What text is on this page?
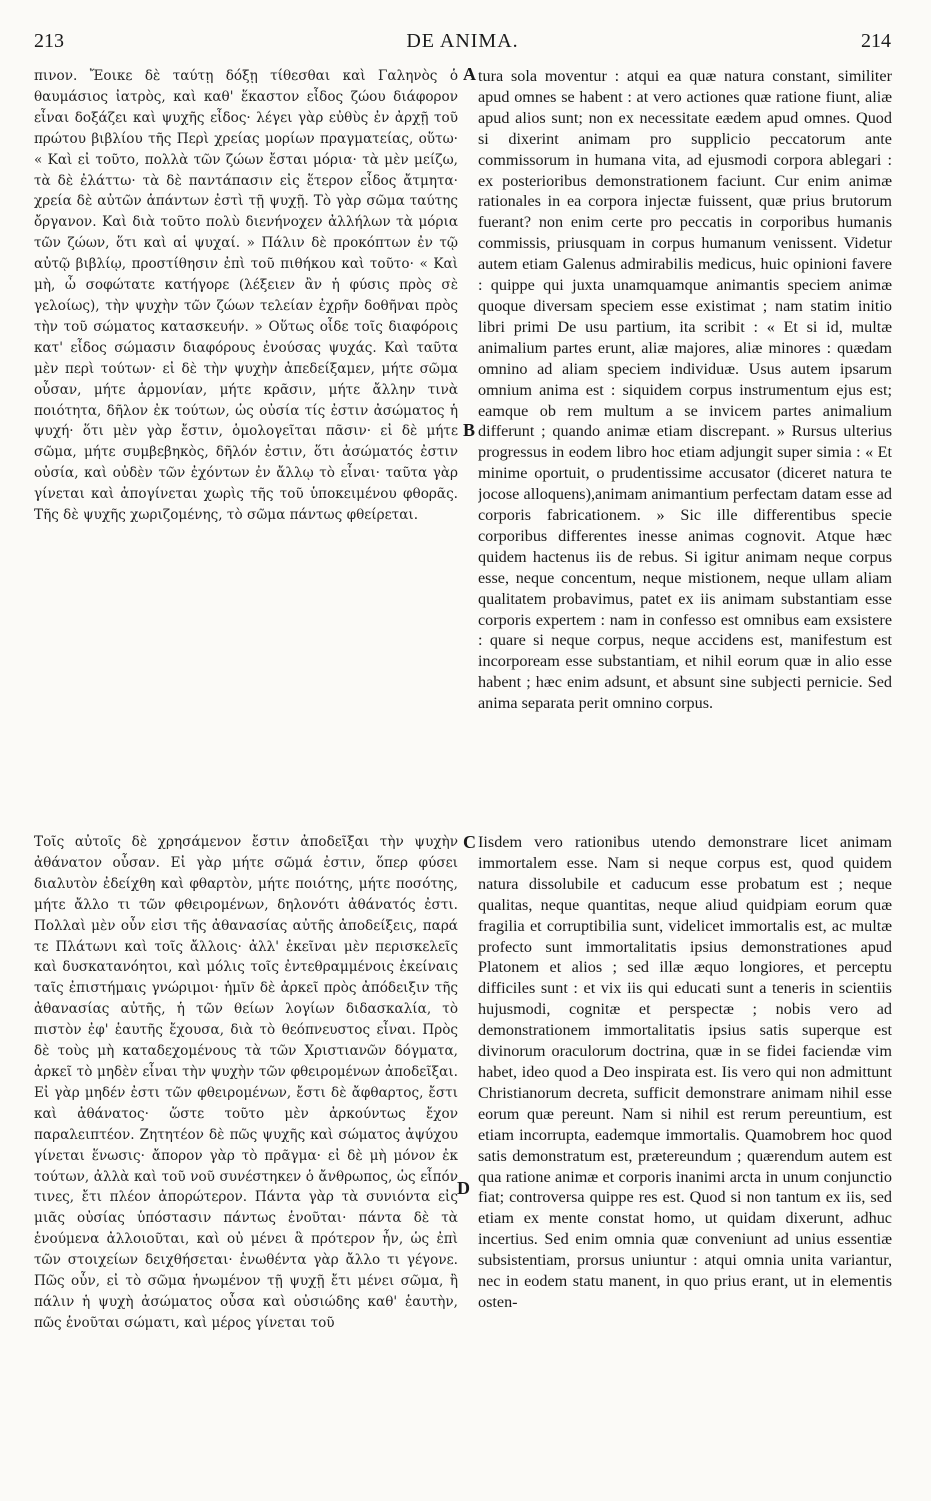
213	DE ANIMA.	214

πινον. Ἔοικε δὲ ταύτῃ δόξῃ τίθεσθαι καὶ Γαληνὸς ὁ θαυμάσιος ἰατρὸς, καὶ καθ' ἕκαστον εἶδος ζώου διάφορον εἶναι δοξάζει καὶ ψυχῆς εἶδος· λέγει γὰρ εὐθὺς ἐν ἀρχῇ τοῦ πρώτου βιβλίου τῆς Περὶ χρείας μορίων πραγματείας, οὕτω· « Καὶ εἰ τοῦτο, πολλὰ τῶν ζώων ἔσται μόρια· τὰ μὲν μείζω, τὰ δὲ ἐλάττω· τὰ δὲ παντάπασιν εἰς ἕτερον εἶδος ἄτμητα· χρεία δὲ αὐτῶν ἁπάντων ἐστὶ τῇ ψυχῇ. Τὸ γὰρ σῶμα ταύτης ὄργανον. Καὶ διὰ τοῦτο πολὺ διενήνοχεν ἀλλήλων τὰ μόρια τῶν ζώων, ὅτι καὶ αἱ ψυχαί. » Πάλιν δὲ προκόπτων ἐν τῷ αὐτῷ βιβλίῳ, προστίθησιν ἐπὶ τοῦ πιθήκου καὶ τοῦτο· « Καὶ μὴ, ὦ σοφώτατε κατήγορε (λέξειεν ἂν ἡ φύσις πρὸς σὲ γελοίως), τὴν ψυχὴν τῶν ζώων τελείαν ἐχρῆν δοθῆναι πρὸς τὴν τοῦ σώματος κατασκευήν. » Οὕτως οἶδε τοῖς διαφόροις κατ' εἶδος σώμασιν διαφόρους ἐνούσας ψυχάς. Καὶ ταῦτα μὲν περὶ τούτων· εἰ δὲ τὴν ψυχὴν ἀπεδείξαμεν, μήτε σῶμα οὖσαν, μήτε ἁρμονίαν, μήτε κρᾶσιν, μήτε ἄλλην τινὰ ποιότητα, δῆλον ἐκ τούτων, ὡς οὐσία τίς ἐστιν ἀσώματος ἡ ψυχή· ὅτι μὲν γὰρ ἔστιν, ὁμολογεῖται πᾶσιν· εἰ δὲ μήτε σῶμα, μήτε συμβεβηκὸς, δῆλόν ἐστιν, ὅτι ἀσώματός ἐστιν οὐσία, καὶ οὐδὲν τῶν ἐχόντων ἐν ἄλλῳ τὸ εἶναι· ταῦτα γὰρ γίνεται καὶ ἀπογίνεται χωρὶς τῆς τοῦ ὑποκειμένου φθορᾶς. Τῆς δὲ ψυχῆς χωριζομένης, τὸ σῶμα πάντως φθείρεται.

A
B

tura sola moventur : atqui ea quæ natura constant, similiter apud omnes se habent : at vero actiones quæ ratione fiunt, aliæ apud alios sunt; non ex necessitate eædem apud omnes. Quod si dixerint animam pro supplicio peccatorum ante commissorum in humana vita, ad ejusmodi corpora ablegari : ex posterioribus demonstrationem faciunt. Cur enim animæ rationales in ea corpora injectæ fuissent, quæ prius brutorum fuerant? non enim certe pro peccatis in corporibus humanis commissis, priusquam in corpus humanum venissent. Videtur autem etiam Galenus admirabilis medicus, huic opinioni favere : quippe qui juxta unamquamque animantis speciem animæ quoque diversam speciem esse existimat ; nam statim initio libri primi De usu partium, ita scribit : « Et si id, multæ animalium partes erunt, aliæ majores, aliæ minores : quædam omnino ad aliam speciem individuæ. Usus autem ipsarum omnium anima est : siquidem corpus instrumentum ejus est; eamque ob rem multum a se invicem partes animalium differunt ; quando animæ etiam discrepant. » Rursus ulterius progressus in eodem libro hoc etiam adjungit super simia : « Et minime oportuit, o prudentissime accusator (diceret natura te jocose alloquens),animam animantium perfectam datam esse ad corporis fabricationem. » Sic ille differentibus specie corporibus differentes inesse animas cognovit. Atque hæc quidem hactenus iis de rebus. Si igitur animam neque corpus esse, neque concentum, neque mistionem, neque ullam aliam qualitatem probavimus, patet ex iis animam substantiam esse corporis expertem : nam in confesso est omnibus eam exsistere : quare si neque corpus, neque accidens est, manifestum est incorpoream esse substantiam, et nihil eorum quæ in alio esse habent ; hæc enim adsunt, et absunt sine subjecti pernicie. Sed anima separata perit omnino corpus.

Τοῖς αὐτοῖς δὲ χρησάμενον ἔστιν ἀποδεῖξαι τὴν ψυχὴν ἀθάνατον οὖσαν. Εἰ γὰρ μήτε σῶμά ἐστιν, ὅπερ φύσει διαλυτὸν ἐδείχθη καὶ φθαρτὸν, μήτε ποιότης, μήτε ποσότης, μήτε ἄλλο τι τῶν φθειρομένων, δηλονότι ἀθάνατός ἐστι. Πολλαὶ μὲν οὖν εἰσι τῆς ἀθανασίας αὐτῆς ἀποδείξεις, παρά τε Πλάτωνι καὶ τοῖς ἄλλοις· ἀλλ' ἐκεῖναι μὲν περισκελεῖς καὶ δυσκατανόητοι, καὶ μόλις τοῖς ἐντεθραμμένοις ἐκείναις ταῖς ἐπιστήμαις γνώριμοι· ἡμῖν δὲ ἀρκεῖ πρὸς ἀπόδειξιν τῆς ἀθανασίας αὐτῆς, ἡ τῶν θείων λογίων διδασκαλία, τὸ πιστὸν ἐφ' ἑαυτῆς ἔχουσα, διὰ τὸ θεόπνευστος εἶναι. Πρὸς δὲ τοὺς μὴ καταδεχομένους τὰ τῶν Χριστιανῶν δόγματα, ἀρκεῖ τὸ μηδὲν εἶναι τὴν ψυχὴν τῶν φθειρομένων ἀποδεῖξαι. Εἰ γὰρ μηδέν ἐστι τῶν φθειρομένων, ἔστι δὲ ἄφθαρτος, ἔστι καὶ ἀθάνατος· ὥστε τοῦτο μὲν ἀρκούντως ἔχον παραλειπτέον. Ζητητέον δὲ πῶς ψυχῆς καὶ σώματος ἀψύχου γίνεται ἕνωσις· ἄπορον γὰρ τὸ πρᾶγμα· εἰ δὲ μὴ μόνον ἐκ τούτων, ἀλλὰ καὶ τοῦ νοῦ συνέστηκεν ὁ ἄνθρωπος, ὡς εἶπόν τινες, ἔτι πλέον ἀπορώτερον. Πάντα γὰρ τὰ συνιόντα εἰς μιᾶς οὐσίας ὑπόστασιν πάντως ἑνοῦται· πάντα δὲ τὰ ἑνούμενα ἀλλοιοῦται, καὶ οὐ μένει ἃ πρότερον ἦν, ὡς ἐπὶ τῶν στοιχείων δειχθήσεται· ἑνωθέντα γὰρ ἄλλο τι γέγονε. Πῶς οὖν, εἰ τὸ σῶμα ἡνωμένον τῇ ψυχῇ ἔτι μένει σῶμα, ἢ πάλιν ἡ ψυχὴ ἀσώματος οὖσα καὶ οὐσιώδης καθ' ἑαυτὴν, πῶς ἑνοῦται σώματι, καὶ μέρος γίνεται τοῦ

C
D

Iisdem vero rationibus utendo demonstrare licet animam immortalem esse. Nam si neque corpus est, quod quidem natura dissolubile et caducum esse probatum est ; neque qualitas, neque quantitas, neque aliud quidpiam eorum quæ fragilia et corruptibilia sunt, videlicet immortalis est, ac multæ profecto sunt immortalitatis ipsius demonstrationes apud Platonem et alios ; sed illæ æquo longiores, et perceptu difficiles sunt : et vix iis qui educati sunt a teneris in scientiis hujusmodi, cognitæ et perspectæ ; nobis vero ad demonstrationem immortalitatis ipsius satis superque est divinorum oraculorum doctrina, quæ in se fidei faciendæ vim habet, ideo quod a Deo inspirata est. Iis vero qui non admittunt Christianorum decreta, sufficit demonstrare animam nihil esse eorum quæ pereunt. Nam si nihil est rerum pereuntium, est etiam incorrupta, eademque immortalis. Quamobrem hoc quod satis demonstratum est, prætereundum ; quærendum autem est qua ratione animæ et corporis inanimi arcta in unum conjunctio fiat; controversa quippe res est. Quod si non tantum ex iis, sed etiam ex mente constat homo, ut quidam dixerunt, adhuc incertius. Sed enim omnia quæ conveniunt ad unius essentiæ subsistentiam, prorsus uniuntur : atqui omnia unita variantur, nec in eodem statu manent, in quo prius erant, ut in elementis osten-
